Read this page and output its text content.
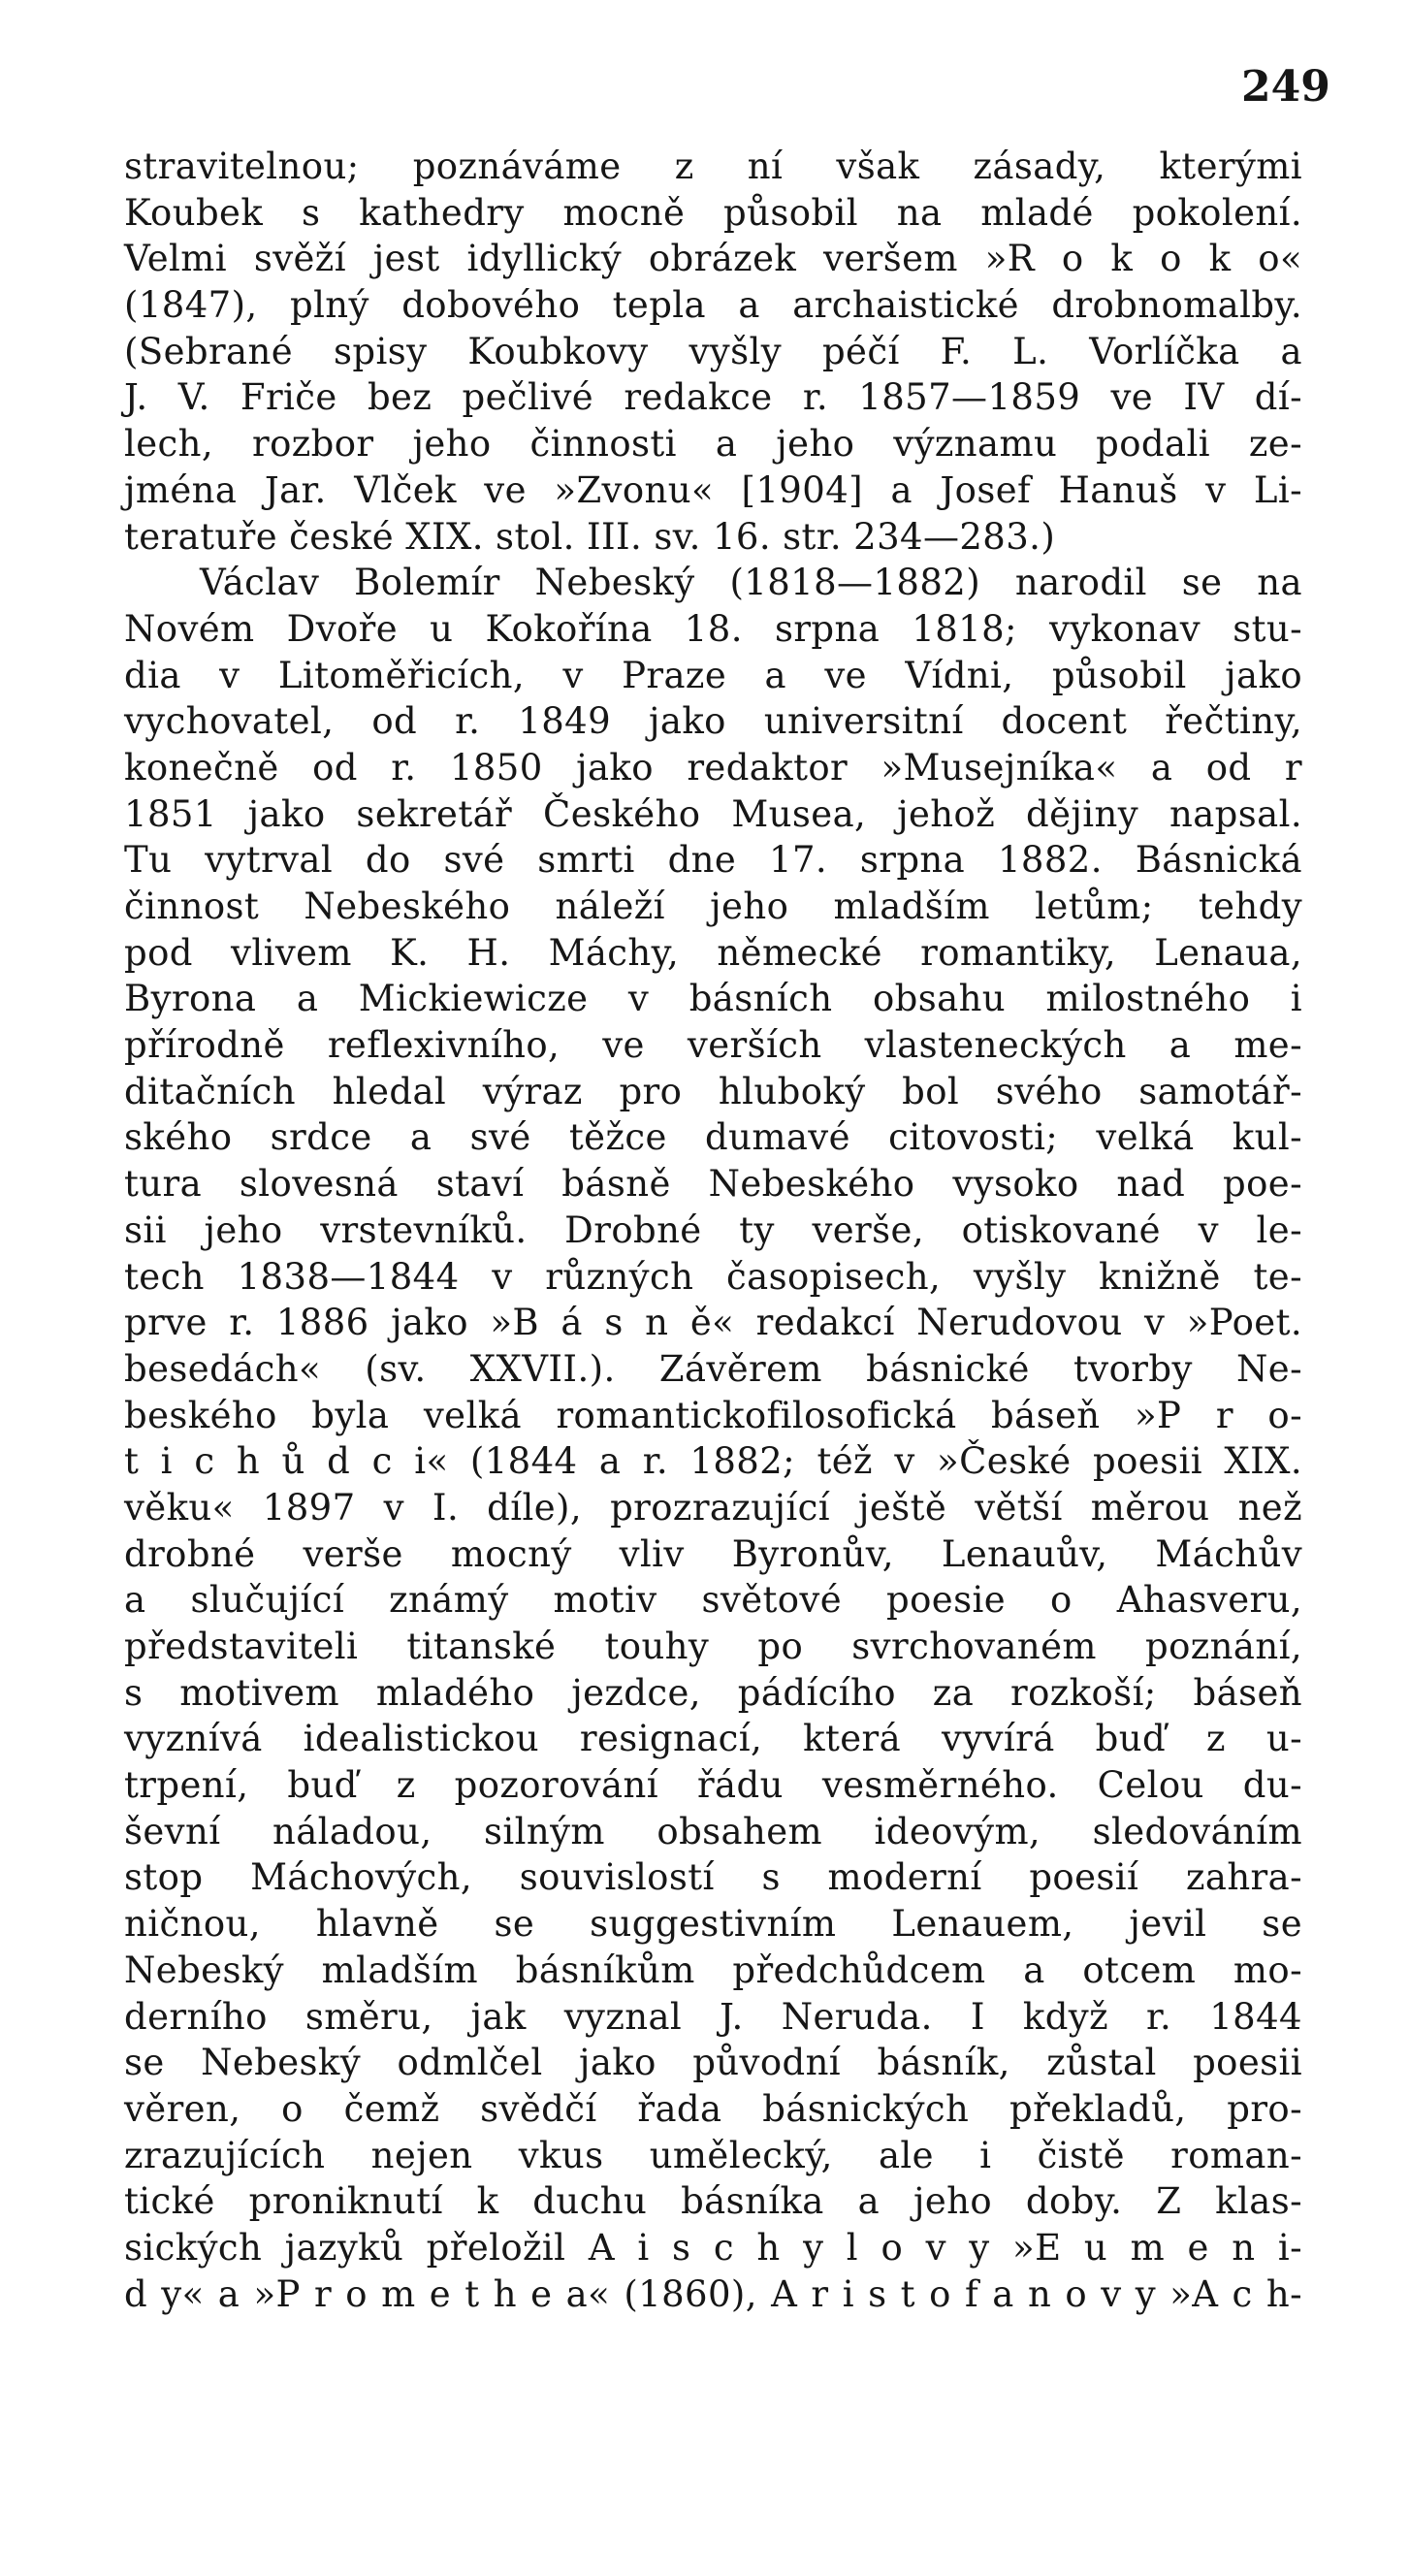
249
stravitelnou; poznáváme z ní však zásady, kterými
Koubek s kathedry mocně působil na mladé pokolení.
Velmi svěží jest idyllický obrázek veršem »R o k o k o«
(1847), plný dobového tepla a archaistické drobnomalby.
(Sebrané spisy Koubkovy vyšly péčí F. L. Vorlíčka a
J. V. Friče bez pečlivé redakce r. 1857—1859 ve IV dí-
lech, rozbor jeho činnosti a jeho významu podali ze-
jména Jar. Vlček ve »Zvonu« [1904] a Josef Hanuš v Li-
teratuře české XIX. stol. III. sv. 16. str. 234—283.)
Václav Bolemír Nebeský (1818—1882) narodil se na
Novém Dvoře u Kokořína 18. srpna 1818; vykonav stu-
dia v Litoměřicích, v Praze a ve Vídni, působil jako
vychovatel, od r. 1849 jako universitní docent řečtiny,
konečně od r. 1850 jako redaktor »Musejníka« a od r
1851 jako sekretář Českého Musea, jehož dějiny napsal.
Tu vytrval do své smrti dne 17. srpna 1882. Básnická
činnost Nebeského náleží jeho mladším letům; tehdy
pod vlivem K. H. Máchy, německé romantiky, Lenaua,
Byrona a Mickiewicze v básních obsahu milostného i
přírodně reflexivního, ve verších vlasteneckých a me-
ditačních hledal výraz pro hluboký bol svého samotář-
ského srdce a své těžce dumavé citovosti; velká kul-
tura slovesná staví básně Nebeského vysoko nad poe-
sii jeho vrstevníků. Drobné ty verše, otiskované v le-
tech 1838—1844 v různých časopisech, vyšly knižně te-
prve r. 1886 jako »B á s n ě« redakcí Nerudovou v »Poet.
besedách« (sv. XXVII.). Závěrem básnické tvorby Ne-
beského byla velká romantickofilosofická báseň »P r o-
t i c h ů d c i« (1844 a r. 1882; též v »České poesii XIX.
věku« 1897 v I. díle), prozrazující ještě větší měrou než
drobné verše mocný vliv Byronův, Lenauův, Máchův
a slučující známý motiv světové poesie o Ahasveru,
představiteli titanské touhy po svrchovaném poznání,
s motivem mladého jezdce, pádícího za rozkoší; báseň
vyznívá idealistickou resignací, která vyvírá buď z u-
trpení, buď z pozorování řádu vesměrného. Celou du-
ševní náladou, silným obsahem ideovým, sledováním
stop Máchových, souvislostí s moderní poesií zahra-
ničnou, hlavně se suggestivním Lenauem, jevil se
Nebeský mladším básníkům předchůdcem a otcem mo-
derního směru, jak vyznal J. Neruda. I když r. 1844
se Nebeský odmlčel jako původní básník, zůstal poesii
věren, o čemž svědčí řada básnických překladů, pro-
zrazujících nejen vkus umělecký, ale i čistě roman-
tické proniknutí k duchu básníka a jeho doby. Z klas-
sických jazyků přeložil A i s c h y l o v y »E u m e n i-
d y« a »P r o m e t h e a« (1860), A r i s t o f a n o v y »A c h-
